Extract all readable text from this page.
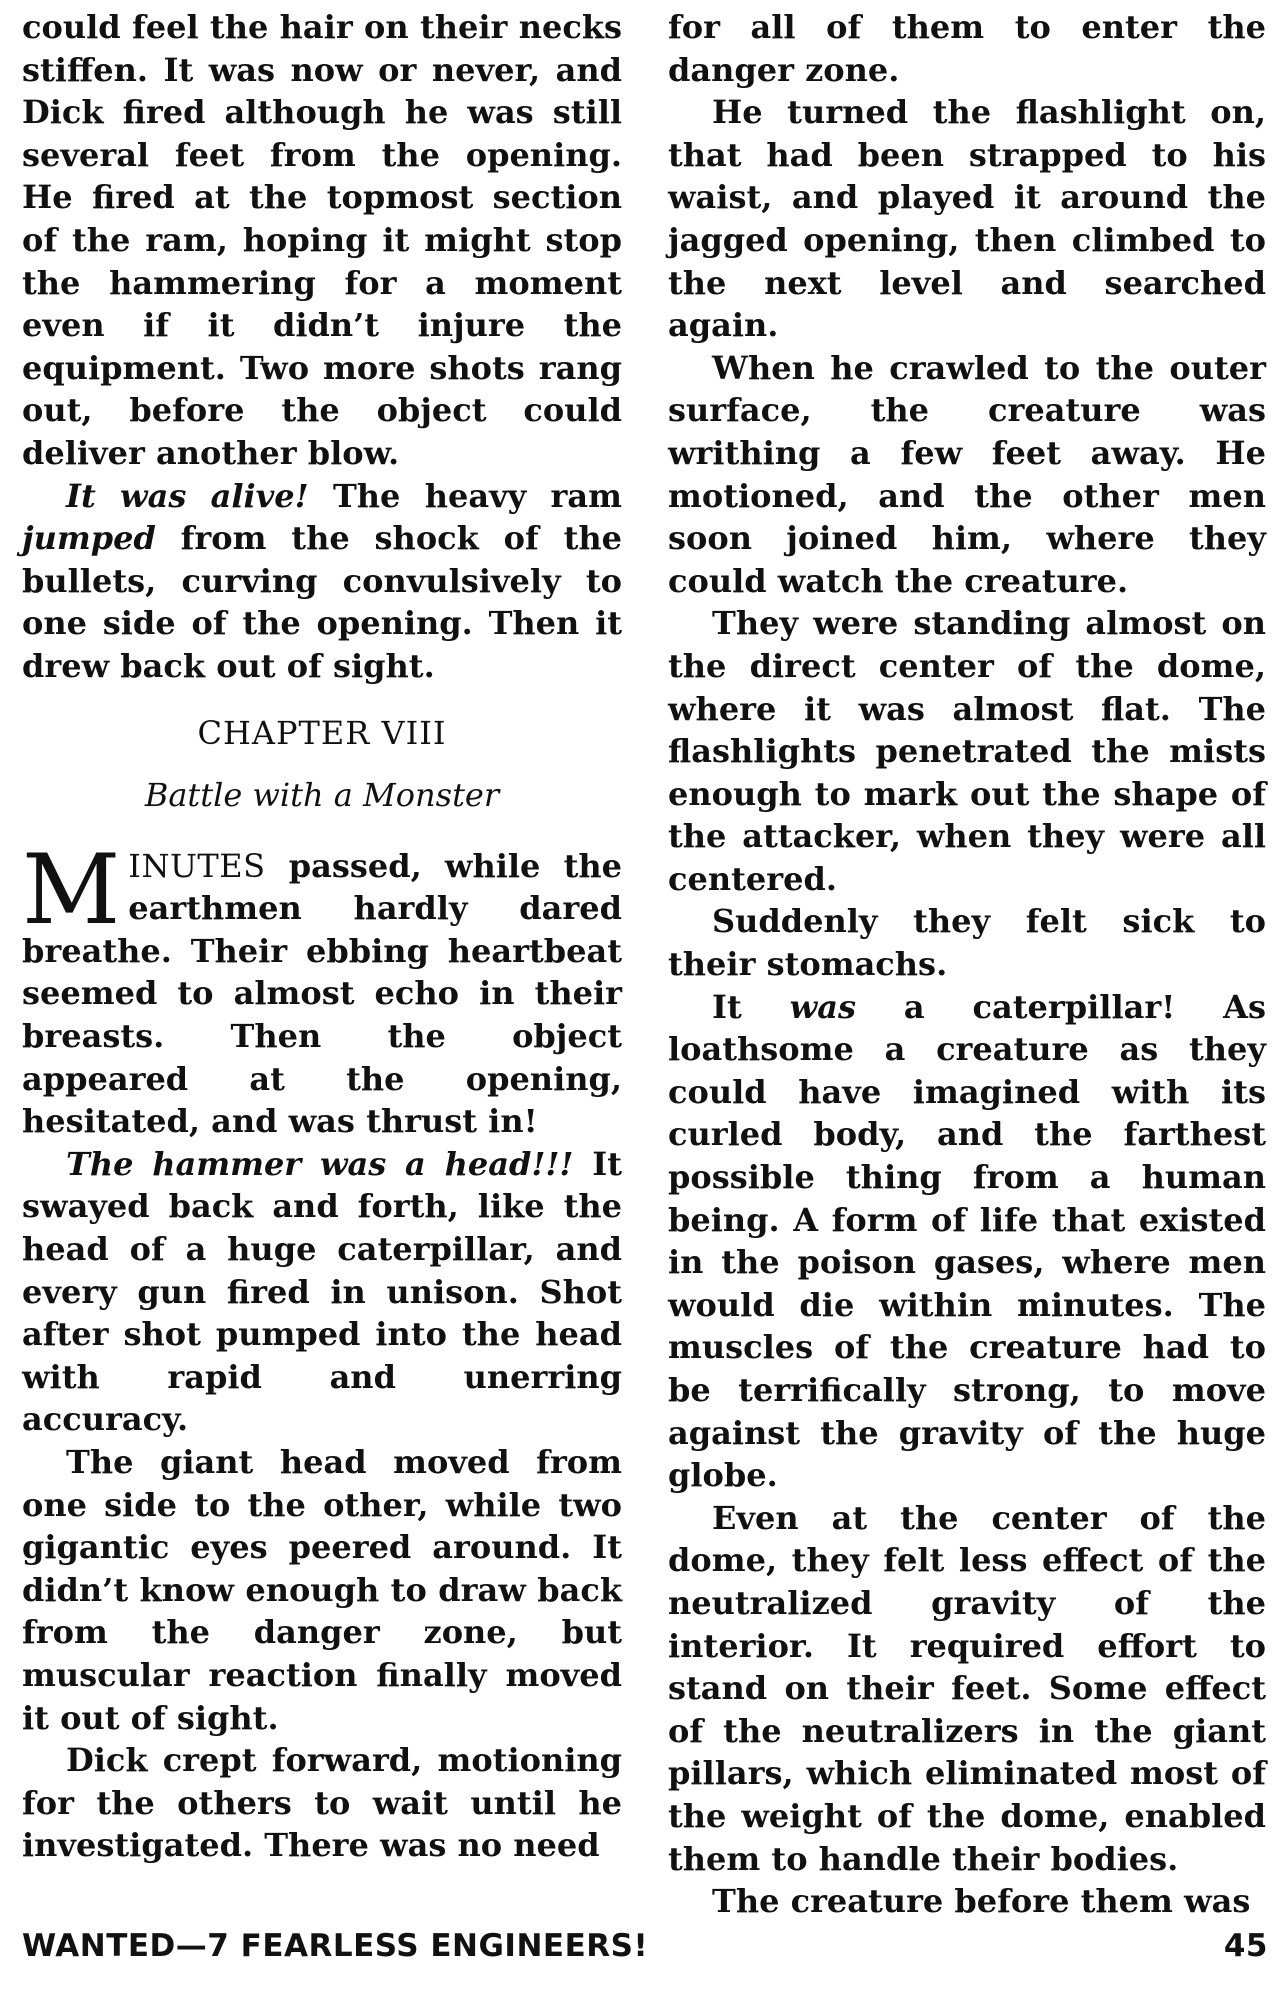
could feel the hair on their necks stiffen. It was now or never, and Dick fired although he was still several feet from the opening. He fired at the topmost section of the ram, hoping it might stop the hammering for a moment even if it didn’t injure the equipment. Two more shots rang out, before the object could deliver another blow.

It was alive! The heavy ram jumped from the shock of the bullets, curving convulsively to one side of the opening. Then it drew back out of sight.

CHAPTER VIII

Battle with a Monster

MINUTES passed, while the earthmen hardly dared breathe. Their ebbing heartbeat seemed to almost echo in their breasts. Then the object appeared at the opening, hesitated, and was thrust in!

The hammer was a head!!! It swayed back and forth, like the head of a huge caterpillar, and every gun fired in unison. Shot after shot pumped into the head with rapid and unerring accuracy.

The giant head moved from one side to the other, while two gigantic eyes peered around. It didn’t know enough to draw back from the danger zone, but muscular reaction finally moved it out of sight.

Dick crept forward, motioning for the others to wait until he investigated. There was no need

for all of them to enter the danger zone.

He turned the flashlight on, that had been strapped to his waist, and played it around the jagged opening, then climbed to the next level and searched again.

When he crawled to the outer surface, the creature was writhing a few feet away. He motioned, and the other men soon joined him, where they could watch the creature.

They were standing almost on the direct center of the dome, where it was almost flat. The flashlights penetrated the mists enough to mark out the shape of the attacker, when they were all centered.

Suddenly they felt sick to their stomachs.

It was a caterpillar! As loathsome a creature as they could have imagined with its curled body, and the farthest possible thing from a human being. A form of life that existed in the poison gases, where men would die within minutes. The muscles of the creature had to be terrifically strong, to move against the gravity of the huge globe.

Even at the center of the dome, they felt less effect of the neutralized gravity of the interior. It required effort to stand on their feet. Some effect of the neutralizers in the giant pillars, which eliminated most of the weight of the dome, enabled them to handle their bodies.

The creature before them was

WANTED—7 FEARLESS ENGINEERS!	45
